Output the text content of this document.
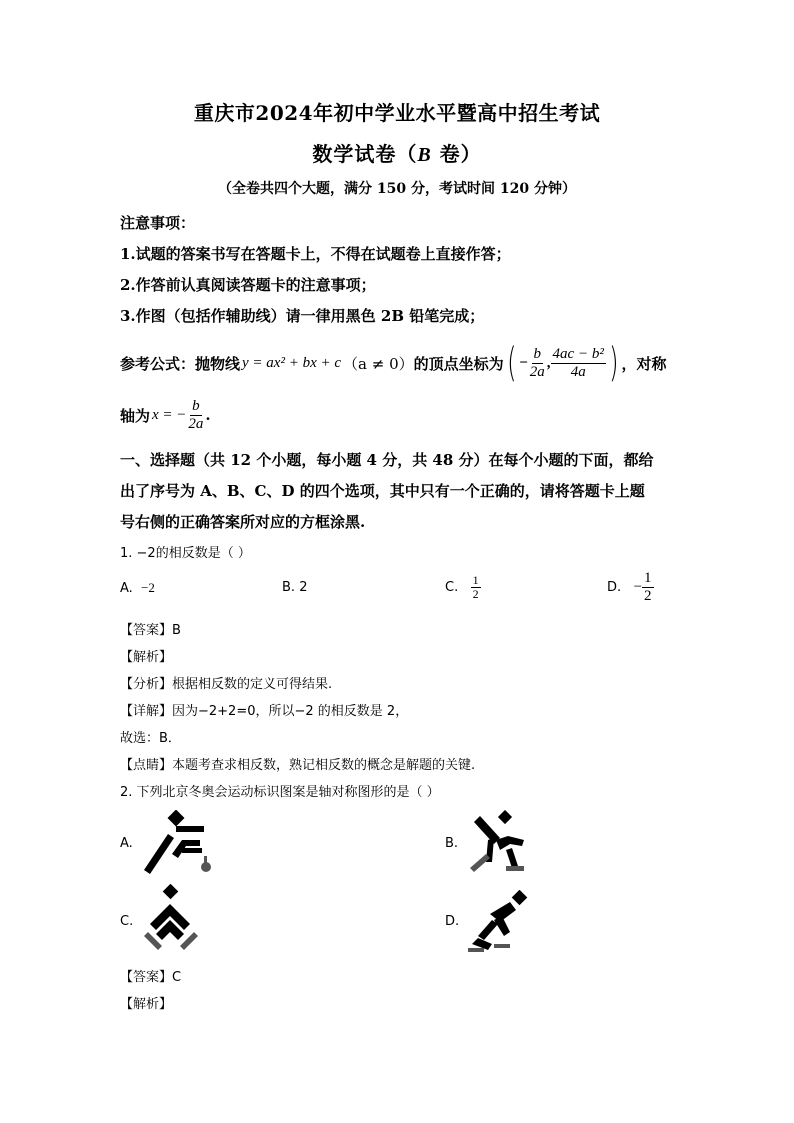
重庆市2024年初中学业水平暨高中招生考试
数学试卷（B 卷）
（全卷共四个大题，满分 150 分，考试时间 120 分钟）
注意事项：
1.试题的答案书写在答题卡上，不得在试题卷上直接作答；
2.作答前认真阅读答题卡的注意事项；
3.作图（包括作辅助线）请一律用黑色 2B 铅笔完成；
参考公式：抛物线 y = ax² + bx + c （a ≠ 0） 的顶点坐标为 ( − $\frac{b}{2a}$ , $\frac{\text{4ac − b²}}{4a}$ ) ，对称
轴为 x = − $\frac{b}{2a}$ .
一、选择题（共 12 个小题，每小题 4 分，共 48 分）在每个小题的下面，都给
出了序号为 A、B、C、D 的四个选项，其中只有一个正确的，请将答题卡上题
号右侧的正确答案所对应的方框涂黑.
1. −2的相反数是（ ）
A. −2	B. 2	C.
$\frac{1}{2}$	D.
− $\frac{1}{2}$
【答案】B
【解析】
【分析】根据相反数的定义可得结果.
【详解】因为−2+2=0，所以−2 的相反数是 2，
故选：B．
【点睛】本题考查求相反数，熟记相反数的概念是解题的关键.
2. 下列北京冬奥会运动标识图案是轴对称图形的是（ ）
A.	B.
C.	D.
【答案】C
【解析】
